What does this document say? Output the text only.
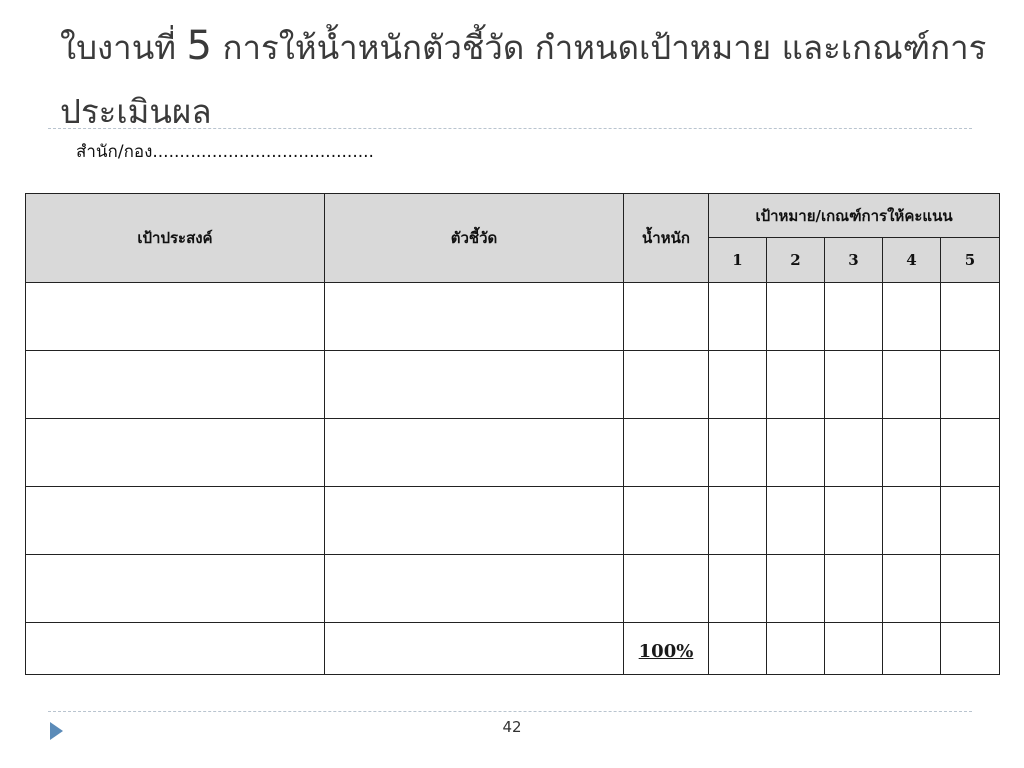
ใบงานที่ 5 การให้น้ำหนักตัวชี้วัด กำหนดเป้าหมาย และเกณฑ์การ
ประเมินผล
สำนัก/กอง.........................................
เป้าประสงค์	ตัวชี้วัด	น้ำหนัก	เป้าหมาย/เกณฑ์การให้คะแนน				
			1	2	3	4	5

		100%					
42
